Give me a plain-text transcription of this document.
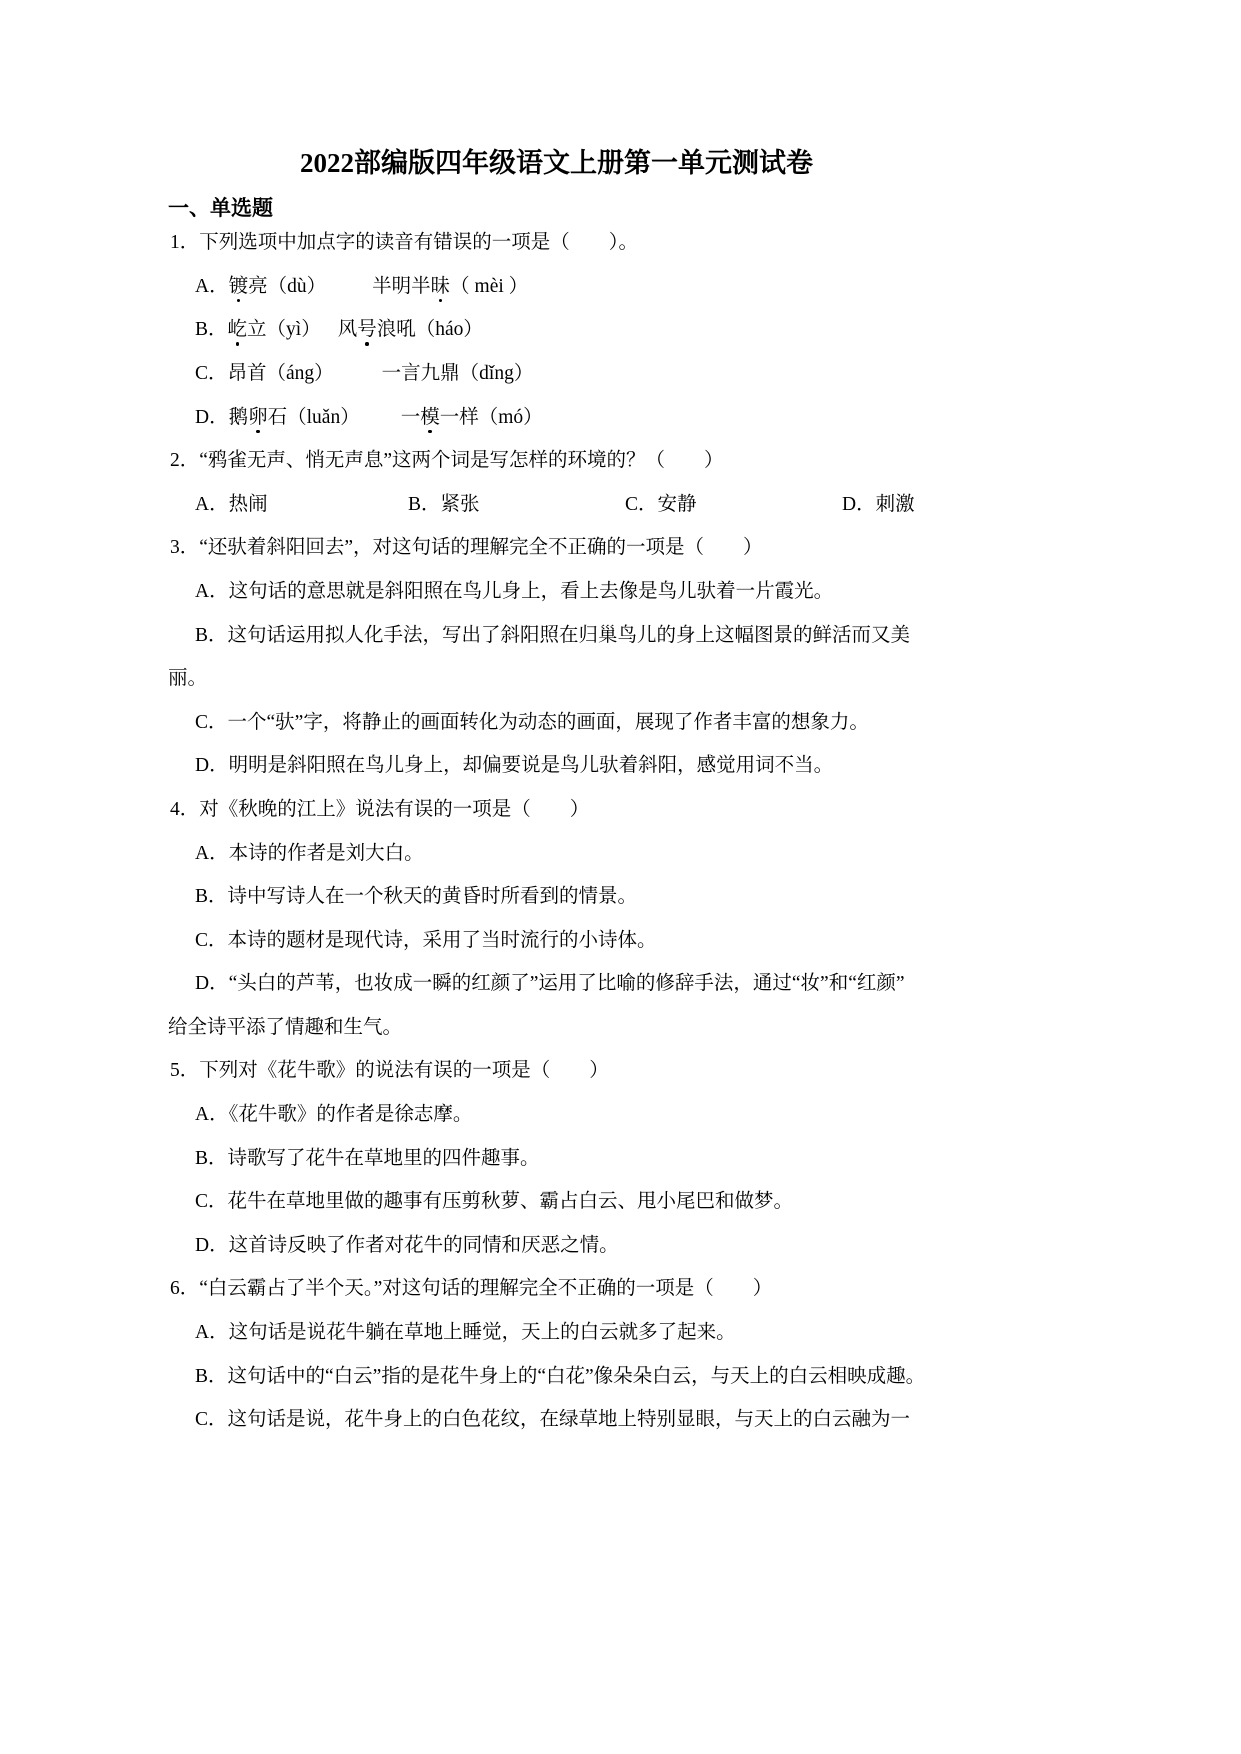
2022部编版四年级语文上册第一单元测试卷
一、单选题
1．下列选项中加点字的读音有错误的一项是（　　）。
A．镀亮（dù） 半明半昧（ mèi ）
B．屹立（yì） 风号浪吼（háo）
C．昂首（áng） 一言九鼎（dǐng）
D．鹅卵石（luǎn） 一模一样（mó）
2．“鸦雀无声、悄无声息”这两个词是写怎样的环境的？（　　）
A．热闹	B．紧张	C．安静	D．刺激
3．“还驮着斜阳回去”，对这句话的理解完全不正确的一项是（　　）
A．这句话的意思就是斜阳照在鸟儿身上，看上去像是鸟儿驮着一片霞光。
B．这句话运用拟人化手法，写出了斜阳照在归巢鸟儿的身上这幅图景的鲜活而又美
丽。
C．一个“驮”字，将静止的画面转化为动态的画面，展现了作者丰富的想象力。
D．明明是斜阳照在鸟儿身上，却偏要说是鸟儿驮着斜阳，感觉用词不当。
4．对《秋晚的江上》说法有误的一项是（　　）
A．本诗的作者是刘大白。
B．诗中写诗人在一个秋天的黄昏时所看到的情景。
C．本诗的题材是现代诗，采用了当时流行的小诗体。
D．“头白的芦苇，也妆成一瞬的红颜了”运用了比喻的修辞手法，通过“妆”和“红颜”
给全诗平添了情趣和生气。
5．下列对《花牛歌》的说法有误的一项是（　　）
A．《花牛歌》的作者是徐志摩。
B．诗歌写了花牛在草地里的四件趣事。
C．花牛在草地里做的趣事有压剪秋萝、霸占白云、甩小尾巴和做梦。
D．这首诗反映了作者对花牛的同情和厌恶之情。
6．“白云霸占了半个天。”对这句话的理解完全不正确的一项是（　　）
A．这句话是说花牛躺在草地上睡觉，天上的白云就多了起来。
B．这句话中的“白云”指的是花牛身上的“白花”像朵朵白云，与天上的白云相映成趣。
C．这句话是说，花牛身上的白色花纹，在绿草地上特别显眼，与天上的白云融为一
